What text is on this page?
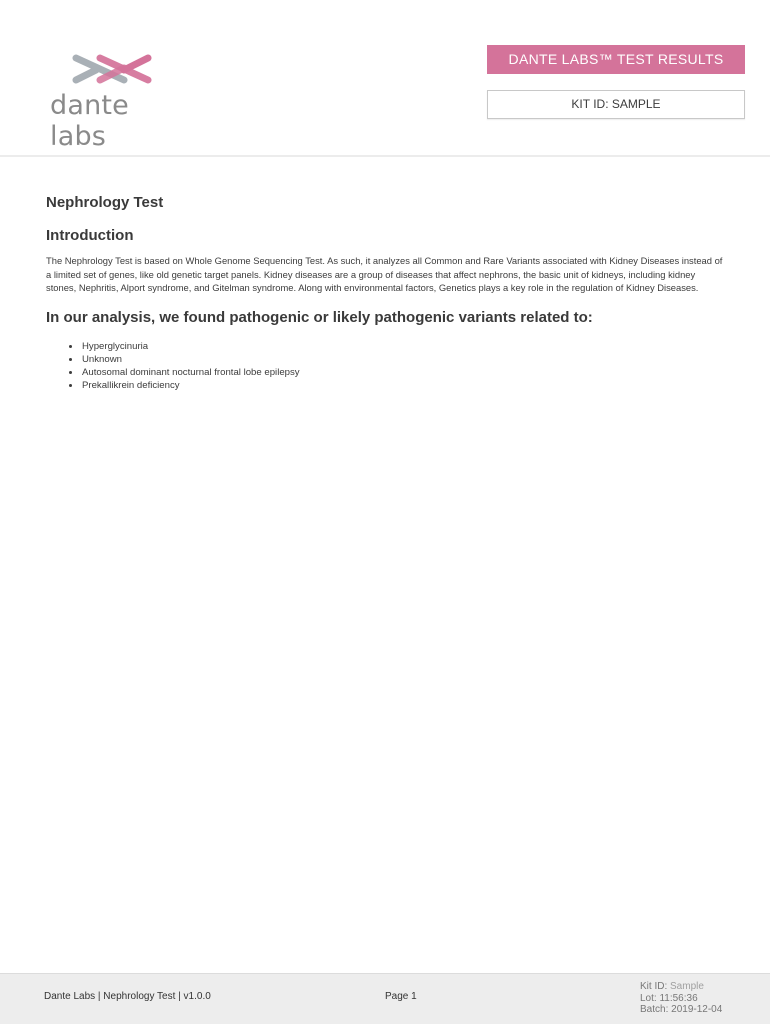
dante labs
DANTE LABS™ TEST RESULTS
KIT ID: SAMPLE
Nephrology Test
Introduction

The Nephrology Test is based on Whole Genome Sequencing Test. As such, it analyzes all Common and Rare Variants associated with Kidney Diseases instead of a limited set of genes, like old genetic target panels. Kidney diseases are a group of diseases that affect nephrons, the basic unit of kidneys, including kidney stones, Nephritis, Alport syndrome, and Gitelman syndrome. Along with environmental factors, Genetics plays a key role in the regulation of Kidney Diseases.

In our analysis, we found pathogenic or likely pathogenic variants related to:
Hyperglycinuria
Unknown
Autosomal dominant nocturnal frontal lobe epilepsy
Prekallikrein deficiency
Dante Labs | Nephrology Test | v1.0.0	Page 1
Kit ID: Sample
Lot: 11:56:36
Batch: 2019-12-04
